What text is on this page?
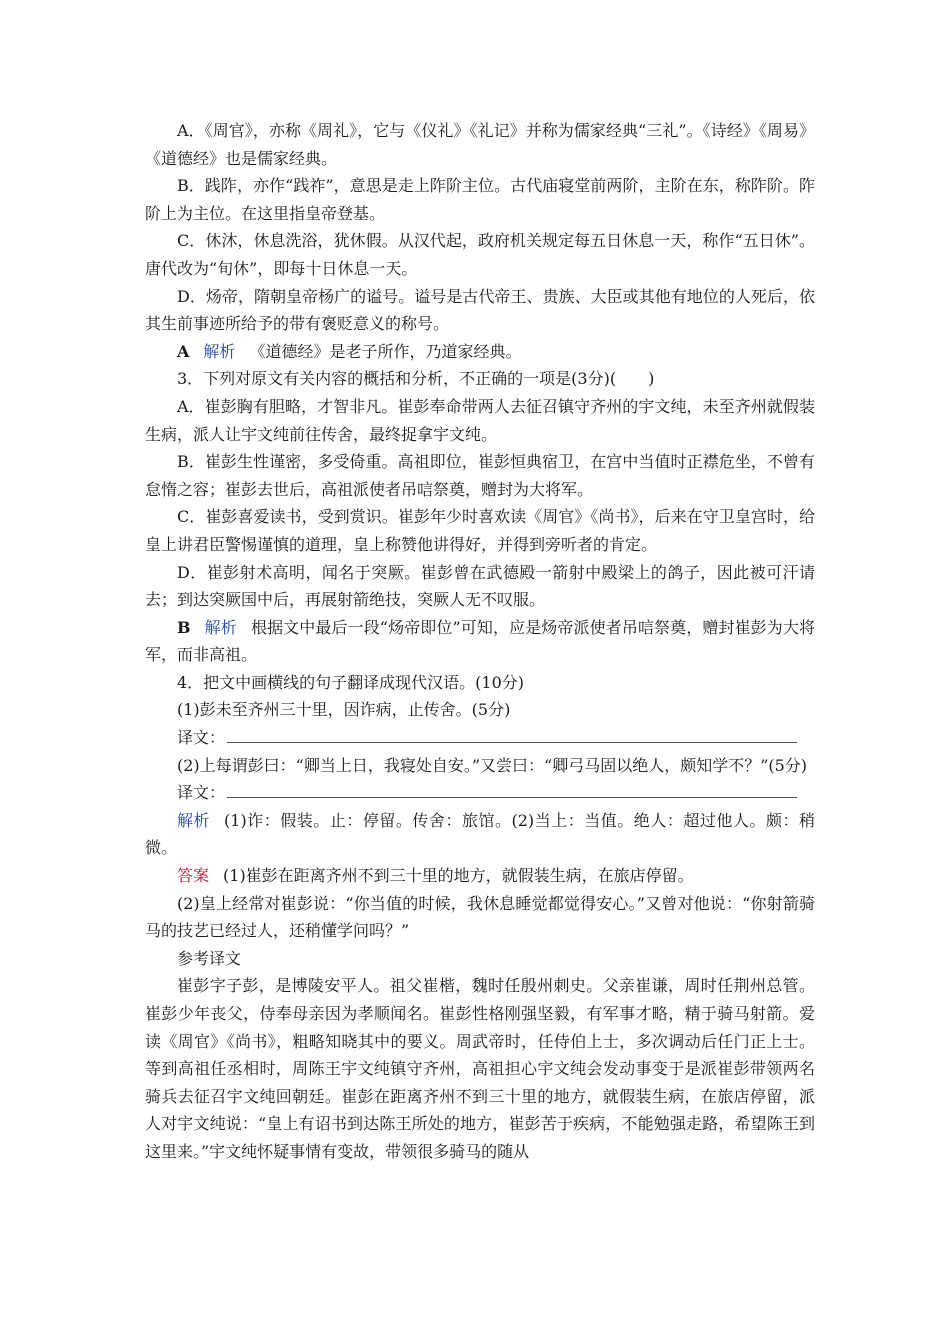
A．《周官》，亦称《周礼》，它与《仪礼》《礼记》并称为儒家经典“三礼”。《诗经》《周易》《道德经》也是儒家经典。

B．践阼，亦作“践祚”，意思是走上阼阶主位。古代庙寝堂前两阶，主阶在东，称阼阶。阼阶上为主位。在这里指皇帝登基。

C．休沐，休息洗浴，犹休假。从汉代起，政府机关规定每五日休息一天，称作“五日休”。唐代改为“旬休”，即每十日休息一天。

D．炀帝，隋朝皇帝杨广的谥号。谥号是古代帝王、贵族、大臣或其他有地位的人死后，依其生前事迹所给予的带有褒贬意义的称号。

A 解析 《道德经》是老子所作，乃道家经典。

3．下列对原文有关内容的概括和分析，不正确的一项是(3分)(　　)

A．崔彭胸有胆略，才智非凡。崔彭奉命带两人去征召镇守齐州的宇文纯，未至齐州就假装生病，派人让宇文纯前往传舍，最终捉拿宇文纯。

B．崔彭生性谨密，多受倚重。高祖即位，崔彭恒典宿卫，在宫中当值时正襟危坐，不曾有怠惰之容；崔彭去世后，高祖派使者吊唁祭奠，赠封为大将军。

C．崔彭喜爱读书，受到赏识。崔彭年少时喜欢读《周官》《尚书》，后来在守卫皇宫时，给皇上讲君臣警惕谨慎的道理，皇上称赞他讲得好，并得到旁听者的肯定。

D．崔彭射术高明，闻名于突厥。崔彭曾在武德殿一箭射中殿梁上的鸽子，因此被可汗请去；到达突厥国中后，再展射箭绝技，突厥人无不叹服。

B 解析 根据文中最后一段“炀帝即位”可知，应是炀帝派使者吊唁祭奠，赠封崔彭为大将军，而非高祖。

4．把文中画横线的句子翻译成现代汉语。(10分)

(1)彭未至齐州三十里，因诈病，止传舍。(5分)

译文：

(2)上每谓彭曰：“卿当上日，我寝处自安。”又尝曰：“卿弓马固以绝人，颇知学不？”(5分)

译文：

解析 (1)诈：假装。止：停留。传舍：旅馆。(2)当上：当值。绝人：超过他人。颇：稍微。

答案 (1)崔彭在距离齐州不到三十里的地方，就假装生病，在旅店停留。

(2)皇上经常对崔彭说：“你当值的时候，我休息睡觉都觉得安心。”又曾对他说：“你射箭骑马的技艺已经过人，还稍懂学问吗？”

参考译文

崔彭字子彭，是博陵安平人。祖父崔楷，魏时任殷州刺史。父亲崔谦，周时任荆州总管。崔彭少年丧父，侍奉母亲因为孝顺闻名。崔彭性格刚强坚毅，有军事才略，精于骑马射箭。爱读《周官》《尚书》，粗略知晓其中的要义。周武帝时，任侍伯上士，多次调动后任门正上士。等到高祖任丞相时，周陈王宇文纯镇守齐州，高祖担心宇文纯会发动事变于是派崔彭带领两名骑兵去征召宇文纯回朝廷。崔彭在距离齐州不到三十里的地方，就假装生病，在旅店停留，派人对宇文纯说：“皇上有诏书到达陈王所处的地方，崔彭苦于疾病，不能勉强走路，希望陈王到这里来。”宇文纯怀疑事情有变故，带领很多骑马的随从
